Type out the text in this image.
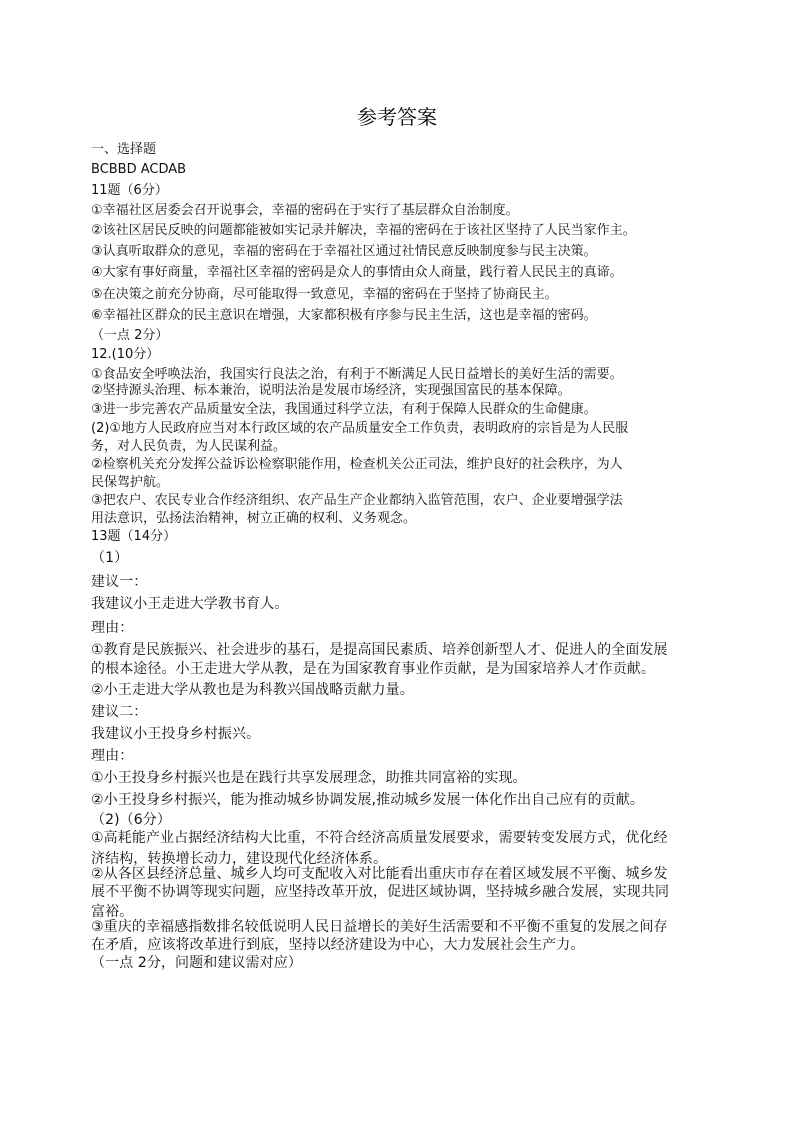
参考答案
一、选择题
BCBBD ACDAB
11题（6分）
①幸福社区居委会召开说事会，幸福的密码在于实行了基层群众自治制度。
②该社区居民反映的问题都能被如实记录并解决，幸福的密码在于该社区坚持了人民当家作主。
③认真听取群众的意见，幸福的密码在于幸福社区通过社情民意反映制度参与民主决策。
④大家有事好商量，幸福社区幸福的密码是众人的事情由众人商量，践行着人民民主的真谛。
⑤在决策之前充分协商，尽可能取得一致意见，幸福的密码在于坚持了协商民主。
⑥幸福社区群众的民主意识在增强，大家都积极有序参与民主生活，这也是幸福的密码。
（一点 2分）
12.(10分）
①食品安全呼唤法治，我国实行良法之治，有利于不断满足人民日益增长的美好生活的需要。
②坚持源头治理、标本兼治，说明法治是发展市场经济，实现强国富民的基本保障。
③进一步完善农产品质量安全法，我国通过科学立法，有利于保障人民群众的生命健康。
(2)①地方人民政府应当对本行政区域的农产品质量安全工作负责，表明政府的宗旨是为人民服
务，对人民负责，为人民谋利益。
②检察机关充分发挥公益诉讼检察职能作用，检查机关公正司法，维护良好的社会秩序，为人
民保驾护航。
③把农户、农民专业合作经济组织、农产品生产企业都纳入监管范围，农户、企业要增强学法
用法意识，弘扬法治精神，树立正确的权利、义务观念。
13题（14分）
（1）
建议一：
我建议小王走进大学教书育人。
理由：
①教育是民族振兴、社会进步的基石，是提高国民素质、培养创新型人才、促进人的全面发展
的根本途径。小王走进大学从教，是在为国家教育事业作贡献，是为国家培养人才作贡献。
②小王走进大学从教也是为科教兴国战略贡献力量。
建议二：
我建议小王投身乡村振兴。
理由：
①小王投身乡村振兴也是在践行共享发展理念，助推共同富裕的实现。
②小王投身乡村振兴，能为推动城乡协调发展,推动城乡发展一体化作出自己应有的贡献。
（2)（6分）
①高耗能产业占据经济结构大比重，不符合经济高质量发展要求，需要转变发展方式，优化经
济结构，转换增长动力，建设现代化经济体系。
②从各区县经济总量、城乡人均可支配收入对比能看出重庆市存在着区域发展不平衡、城乡发
展不平衡不协调等现实问题，应坚持改革开放，促进区域协调，坚持城乡融合发展，实现共同
富裕。
③重庆的幸福感指数排名较低说明人民日益增长的美好生活需要和不平衡不重复的发展之间存
在矛盾，应该将改革进行到底，坚持以经济建设为中心，大力发展社会生产力。
（一点 2分，问题和建议需对应）
